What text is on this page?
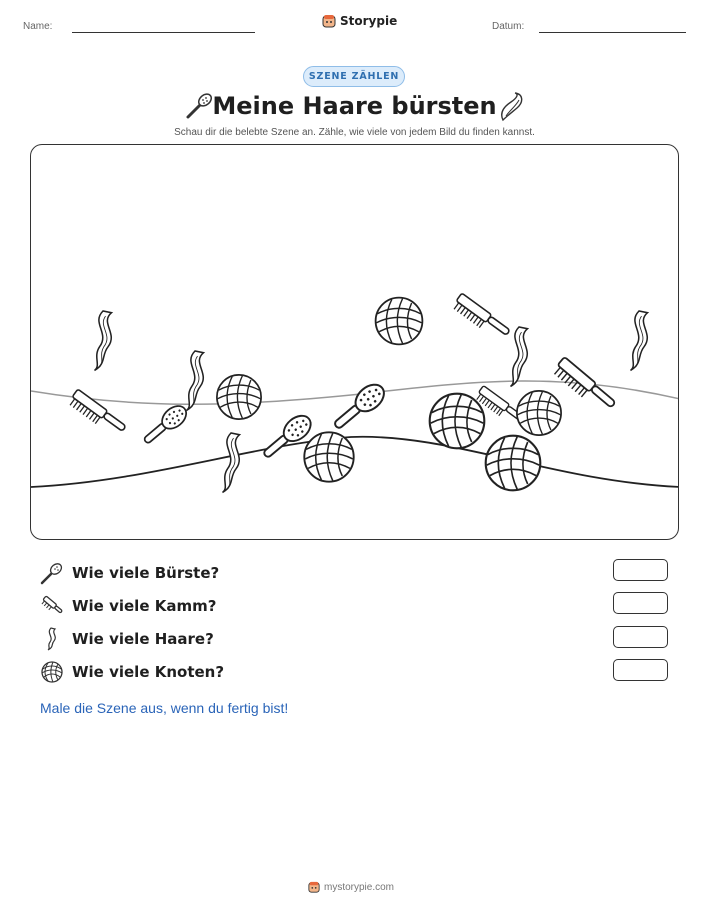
Name:	Storypie	Datum:
SZENE ZÄHLEN
Meine Haare bürsten
Schau dir die belebte Szene an. Zähle, wie viele von jedem Bild du finden kannst.
Wie viele Bürste?
Wie viele Kamm?
Wie viele Haare?
Wie viele Knoten?
Male die Szene aus, wenn du fertig bist!
mystorypie.com
